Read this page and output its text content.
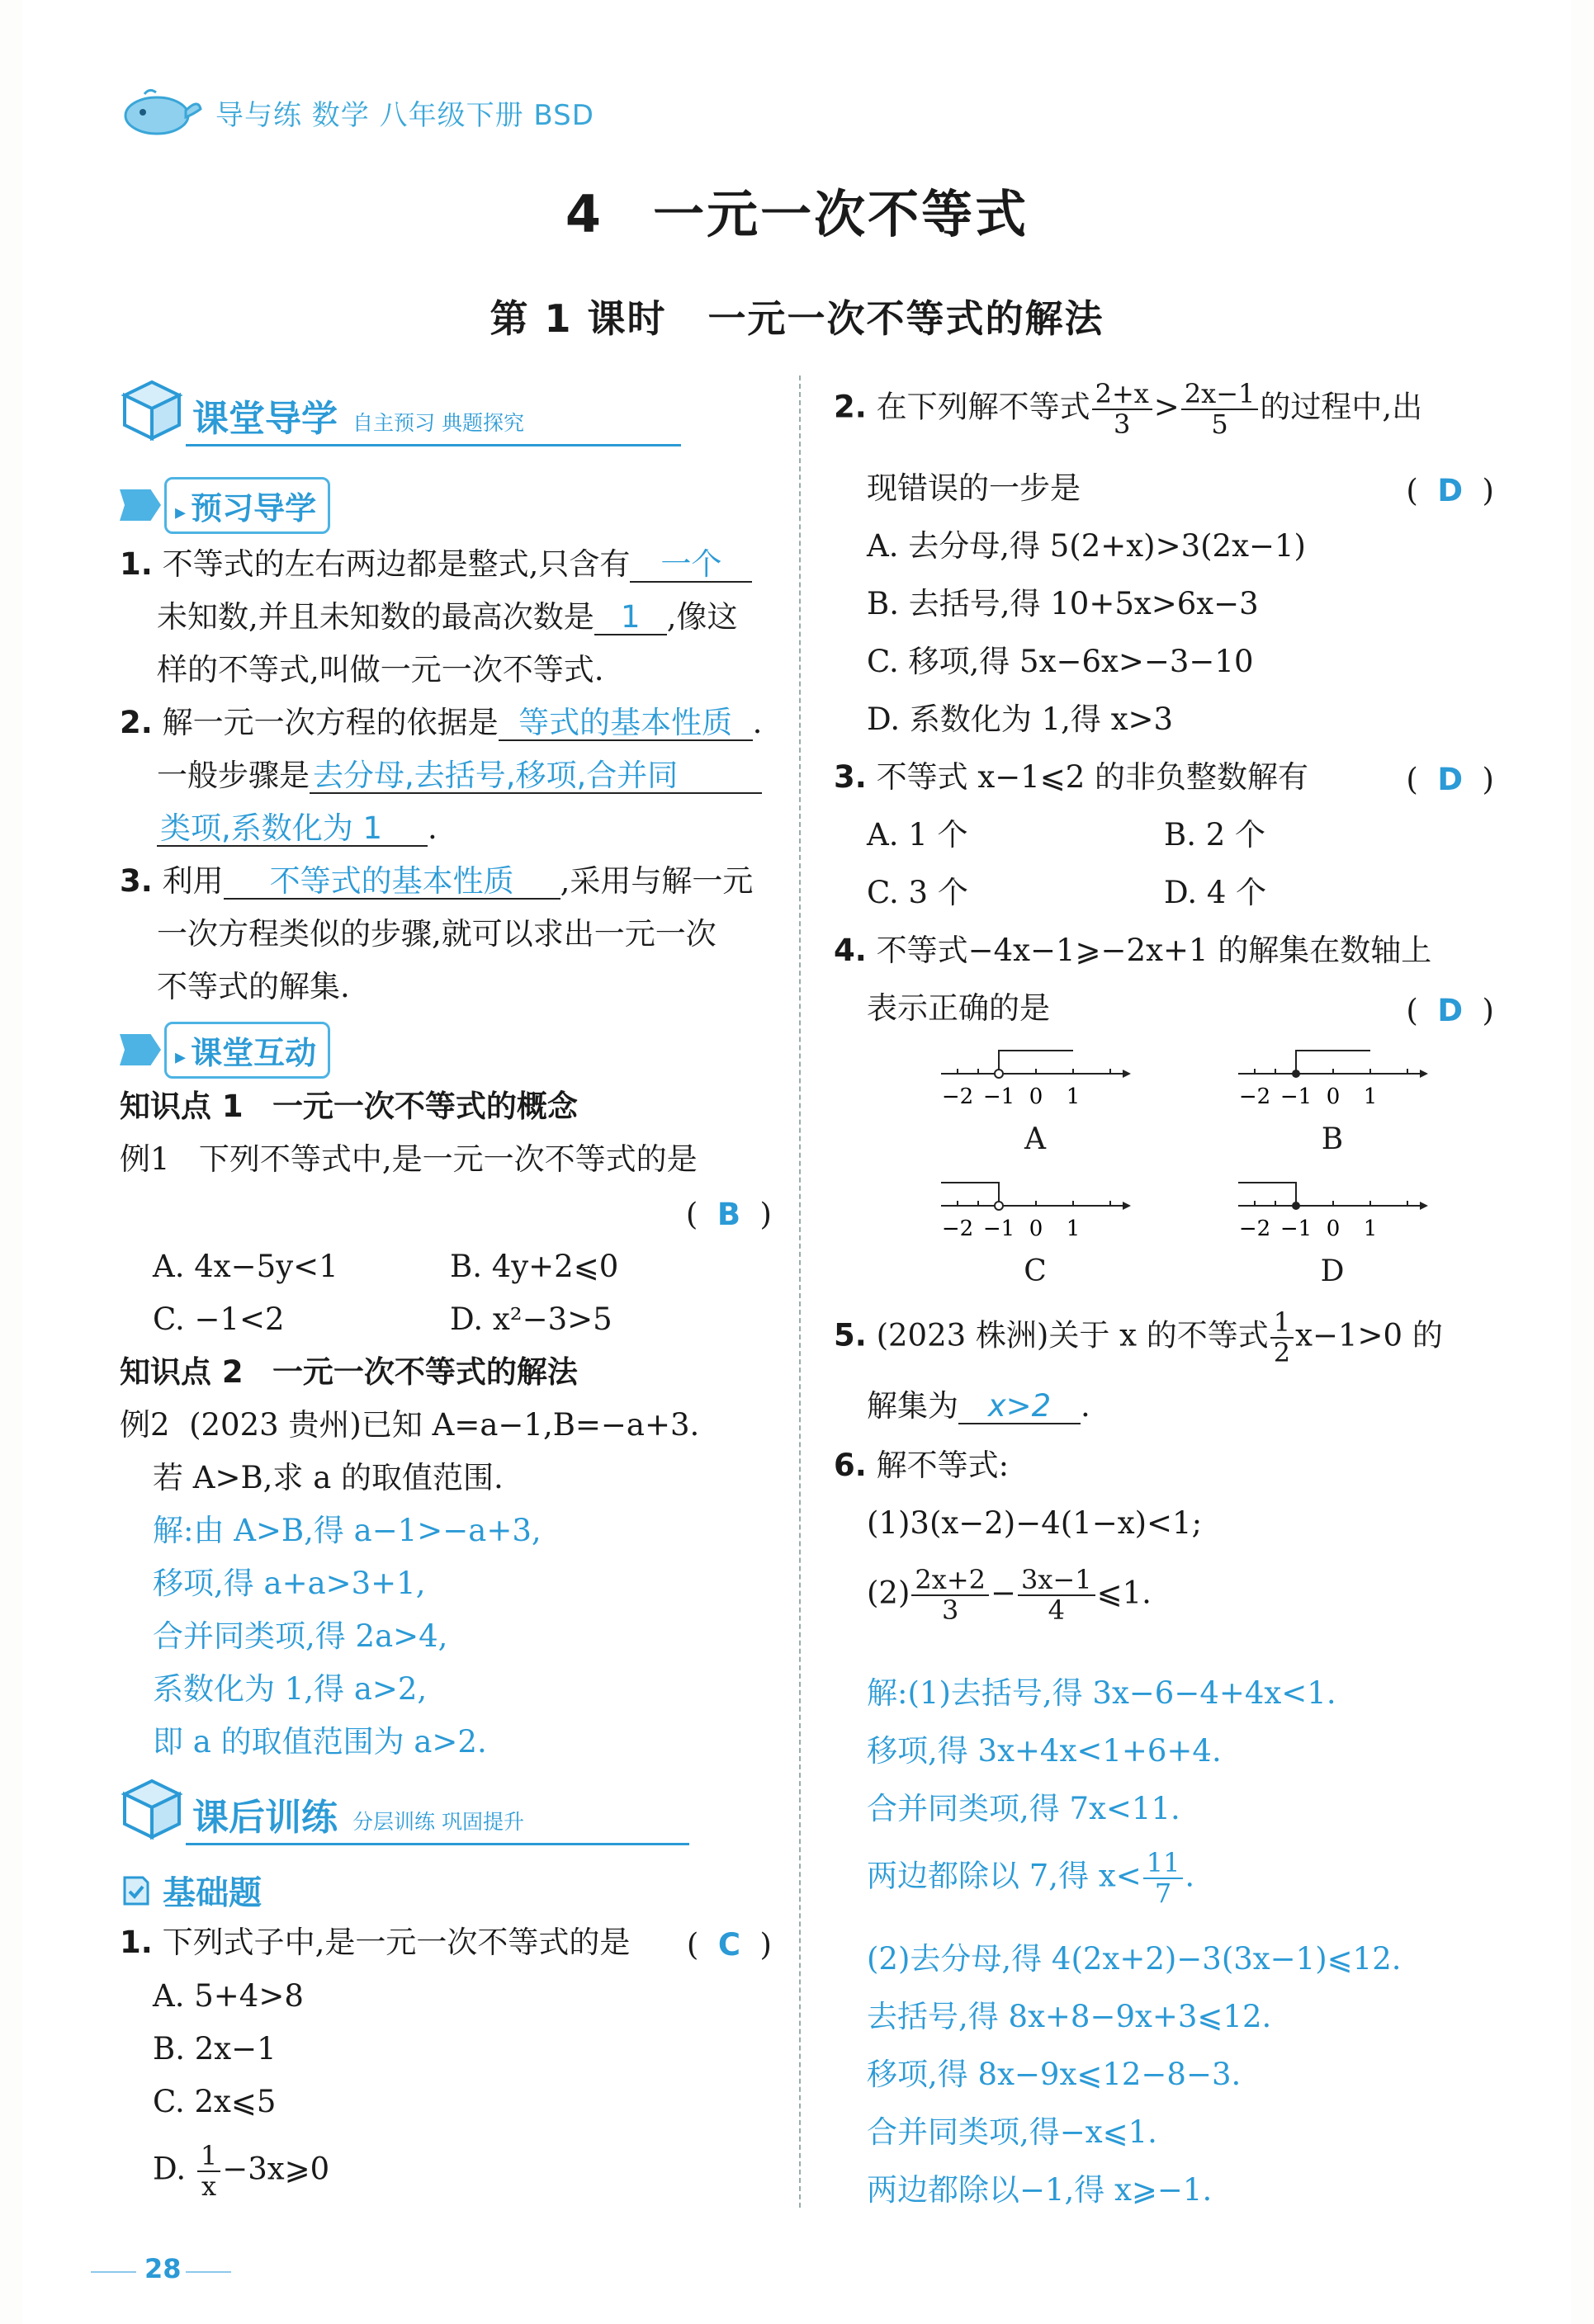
导与练 数学 八年级下册 BSD
4 一元一次不等式
第 1 课时 一元一次不等式的解法
课堂导学 自主预习 典题探究
▸ 预习导学
1. 不等式的左右两边都是整式,只含有 一个
未知数,并且未知数的最高次数是 1 ,像这
样的不等式,叫做一元一次不等式.
2. 解一元一次方程的依据是 等式的基本性质 .
一般步骤是 去分母,去括号,移项,合并同
类项,系数化为 1 .
3. 利用 不等式的基本性质 ,采用与解一元
一次方程类似的步骤,就可以求出一元一次
不等式的解集.
▸ 课堂互动
知识点 1 一元一次不等式的概念
例1 下列不等式中,是一元一次不等式的是
(  B  )
A. 4x−5y<1	B. 4y+2⩽0
C. −1<2	D. x²−3>5
知识点 2 一元一次不等式的解法
例2 (2023 贵州)已知 A=a−1,B=−a+3.
若 A>B,求 a 的取值范围.
解:由 A>B,得 a−1>−a+3,
移项,得 a+a>3+1,
合并同类项,得 2a>4,
系数化为 1,得 a>2,
即 a 的取值范围为 a>2.
课后训练 分层训练 巩固提升
基础题
1. 下列式子中,是一元一次不等式的是 (  C  )
A. 5+4>8
B. 2x−1
C. 2x⩽5
D. $\frac{1}{x}$ −3x⩾0
2. 在下列解不等式 $\frac{2+x}{3} > \frac{2x-1}{5}$ 的过程中,出
现错误的一步是	(  D  )
A. 去分母,得 5(2+x)>3(2x−1)
B. 去括号,得 10+5x>6x−3
C. 移项,得 5x−6x>−3−10
D. 系数化为 1,得 x>3
3. 不等式 x−1⩽2 的非负整数解有	(  D  )
A. 1 个	B. 2 个
C. 3 个	D. 4 个
4. 不等式−4x−1⩾−2x+1 的解集在数轴上
表示正确的是	(  D  )
−2 −1 0 1
A
−2 −1 0 1
B
−2 −1 0 1
C
−2 −1 0 1
D
5. (2023 株洲)关于 x 的不等式 $\frac{1}{2} x-1>0$ 的
解集为 x>2 .
6. 解不等式:
(1)3(x−2)−4(1−x)<1;
$(2) \frac{2x+2}{3} - \frac{3x-1}{4}$ ⩽1.
解:(1)去括号,得 3x−6−4+4x<1.
移项,得 3x+4x<1+6+4.
合并同类项,得 7x<11.
两边都除以 7,得 $x< \frac{11}{7}$ .
(2)去分母,得 4(2x+2)−3(3x−1)⩽12.
去括号,得 8x+8−9x+3⩽12.
移项,得 8x−9x⩽12−8−3.
合并同类项,得−x⩽1.
两边都除以−1,得 x⩾−1.
28
